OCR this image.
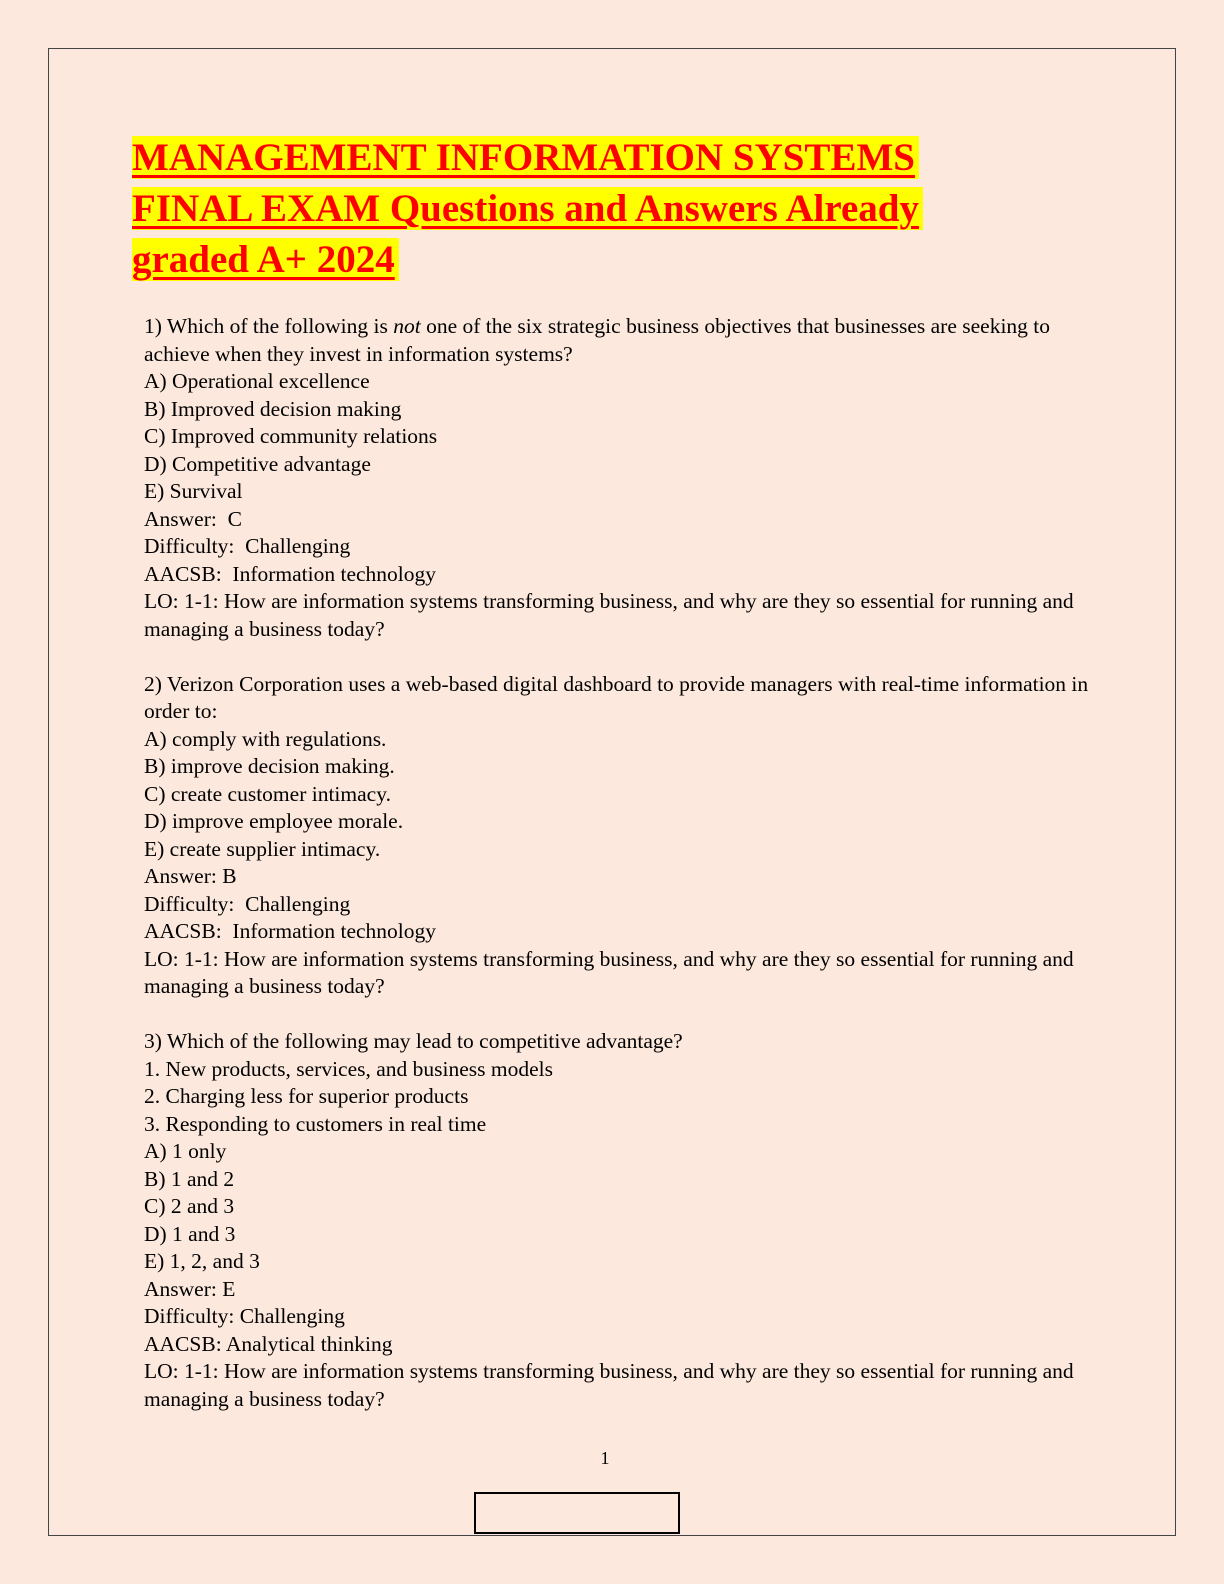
MANAGEMENT INFORMATION SYSTEMS
FINAL EXAM Questions and Answers Already
graded A+ 2024
1) Which of the following is not one of the six strategic business objectives that businesses are seeking to achieve when they invest in information systems?
A) Operational excellence
B) Improved decision making
C) Improved community relations
D) Competitive advantage
E) Survival
Answer:  C
Difficulty:  Challenging
AACSB:  Information technology
LO: 1-1: How are information systems transforming business, and why are they so essential for running and managing a business today?
2) Verizon Corporation uses a web-based digital dashboard to provide managers with real-time information in order to:
A) comply with regulations.
B) improve decision making.
C) create customer intimacy.
D) improve employee morale.
E) create supplier intimacy.
Answer: B
Difficulty:  Challenging
AACSB:  Information technology
LO: 1-1: How are information systems transforming business, and why are they so essential for running and managing a business today?
3) Which of the following may lead to competitive advantage?
1. New products, services, and business models
2. Charging less for superior products
3. Responding to customers in real time
A) 1 only
B) 1 and 2
C) 2 and 3
D) 1 and 3
E) 1, 2, and 3
Answer: E
Difficulty: Challenging
AACSB: Analytical thinking
LO: 1-1: How are information systems transforming business, and why are they so essential for running and managing a business today?
1
